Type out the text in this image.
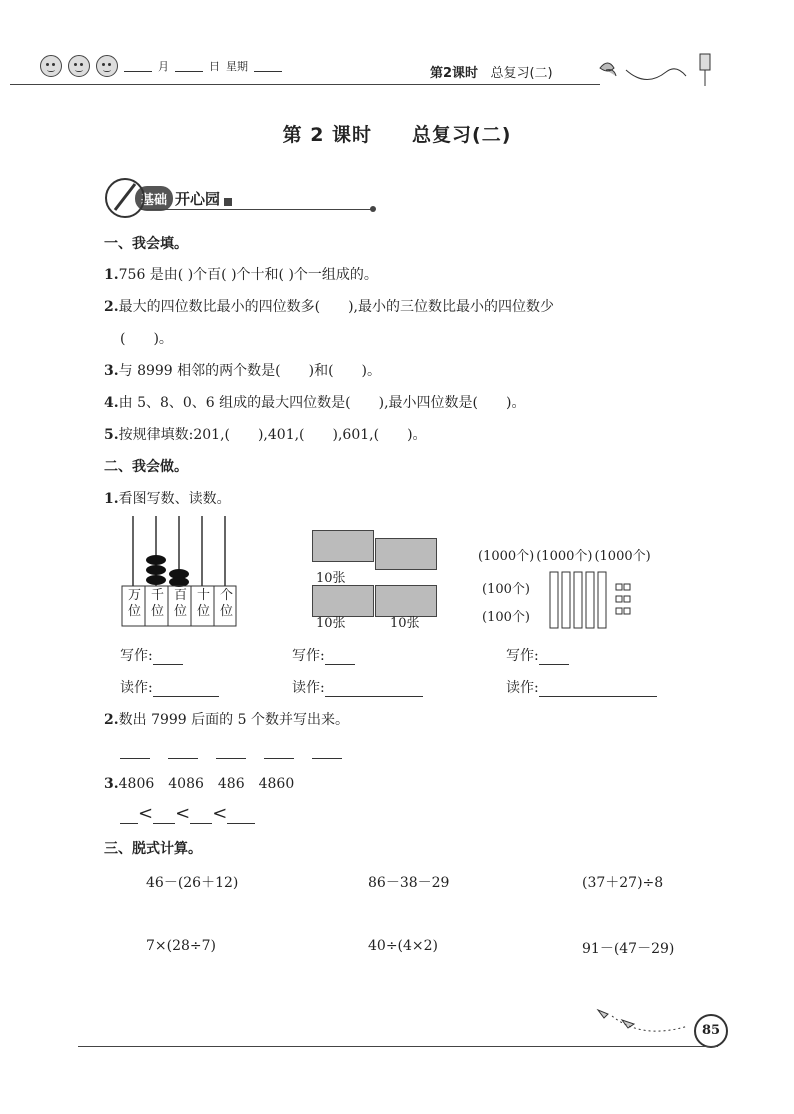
月	日 星期	第2课时 总复习(二)
第 2 课时　　总复习(二)
基础 开心园
一、我会填。
1.756 是由( )个百( )个十和( )个一组成的。
2.最大的四位数比最小的四位数多(　　),最小的三位数比最小的四位数少
(　　)。
3.与 8999 相邻的两个数是(　　)和(　　)。
4.由 5、8、0、6 组成的最大四位数是(　　),最小四位数是(　　)。
5.按规律填数:201,(　　),401,(　　),601,(　　)。
二、我会做。
1.看图写数、读数。
万
位
千
位
百
位
十
位
个
位
10张
10张	10张
(1000个) (1000个) (1000个)
(100个)
(100个)
写作:	写作:	写作:
读作:	读作:	读作:
2.数出 7999 后面的 5 个数并写出来。
3.4806　4086　486　4860
< < <
三、脱式计算。
46－(26＋12)	86－38－29	(37＋27)÷8
7×(28÷7)	40÷(4×2)	91－(47－29)
85
